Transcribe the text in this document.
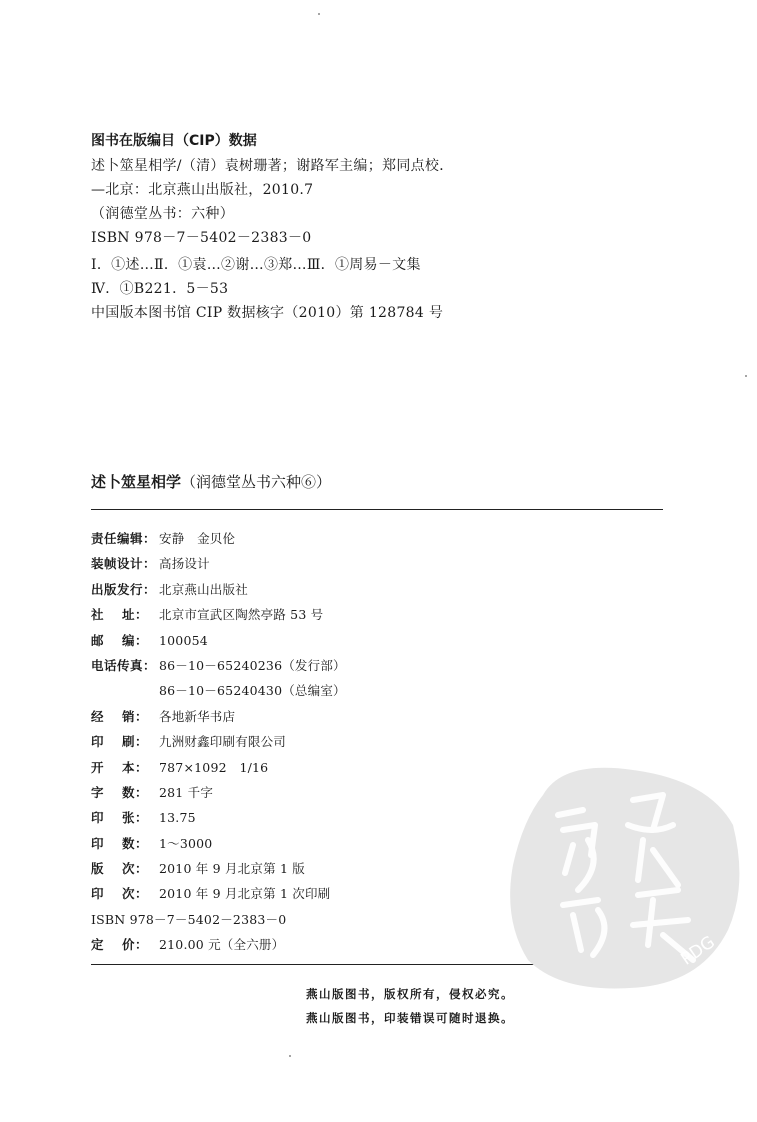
图书在版编目（CIP）数据
述卜筮星相学/（清）袁树珊著；谢路军主编；郑同点校．
—北京：北京燕山出版社，2010.7
（润德堂丛书：六种）
ISBN 978－7－5402－2383－0
Ⅰ．①述…Ⅱ．①袁…②谢…③郑…Ⅲ．①周易－文集
Ⅳ．①B221．5－53
中国版本图书馆 CIP 数据核字（2010）第 128784 号
述卜筮星相学（润德堂丛书六种⑥）
责任编辑： 安静　金贝伦
装帧设计： 高扬设计
出版发行： 北京燕山出版社
社 址： 北京市宣武区陶然亭路 53 号
邮 编： 100054
电话传真： 86－10－65240236（发行部）
86－10－65240430（总编室）
经 销： 各地新华书店
印 刷： 九洲财鑫印刷有限公司
开 本： 787×1092　1/16
字 数： 281 千字
印 张： 13.75
印 数： 1～3000
版 次： 2010 年 9 月北京第 1 版
印 次： 2010 年 9 月北京第 1 次印刷
ISBN 978－7－5402－2383－0
定 价： 210.00 元（全六册）
燕山版图书，版权所有，侵权必究。
燕山版图书，印装错误可随时退换。
PDG
